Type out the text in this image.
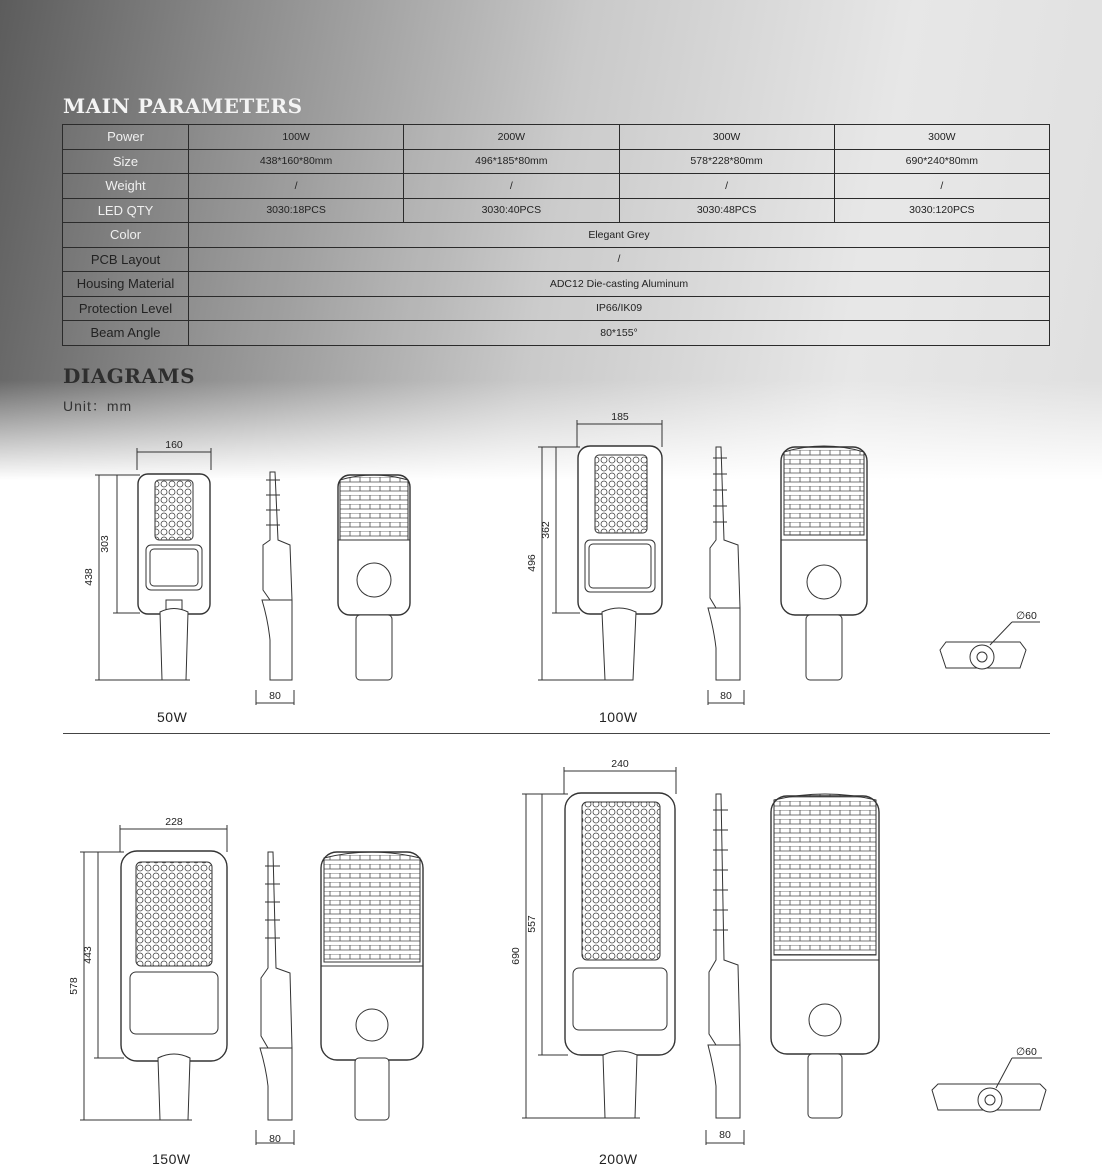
MAIN PARAMETERS
Power	100W	200W	300W	300W
Size	438*160*80mm	496*185*80mm	578*228*80mm	690*240*80mm
Weight	/	/	/	/
LED QTY	3030:18PCS	3030:40PCS	3030:48PCS	3030:120PCS
Color	Elegant Grey			
PCB Layout	/			
Housing Material	ADC12 Die-casting Aluminum			
Protection Level	IP66/IK09			
Beam Angle	80*155°			
DIAGRAMS
Unit：mm
50W	100W
150W	200W
160
303
438
80
185
362
496
80
∅60
228
443
578
80
240
557
690
80
∅60
